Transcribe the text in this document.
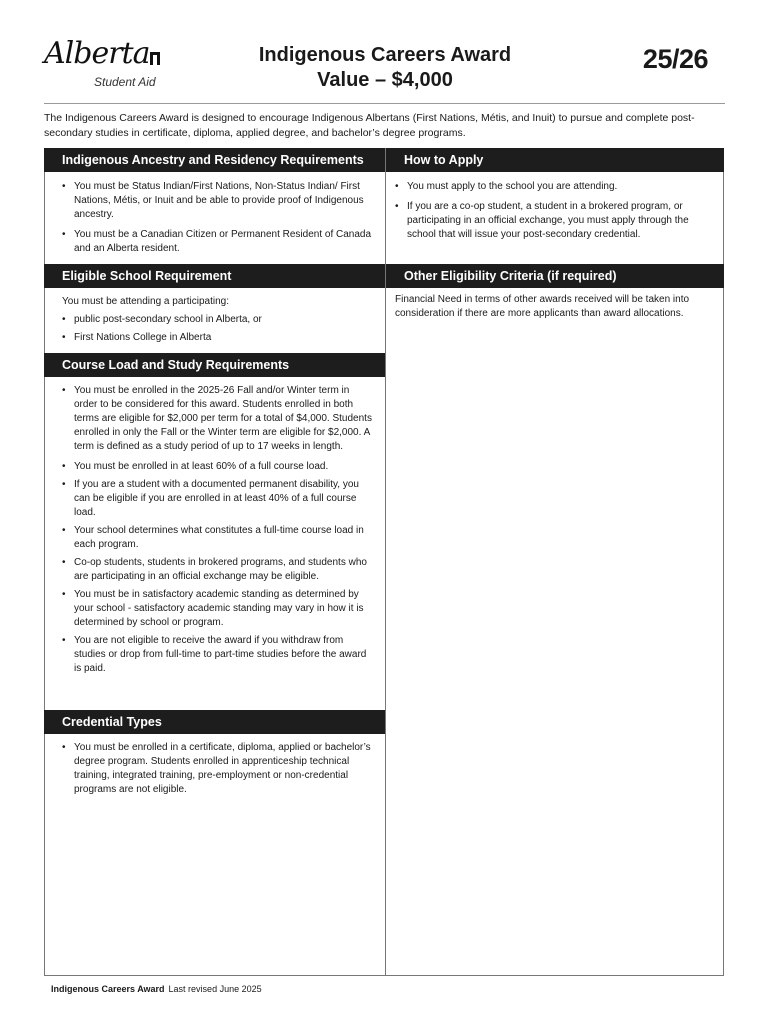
Alberta
Student Aid
Indigenous Careers Award
Value – $4,000
25/26
The Indigenous Careers Award is designed to encourage Indigenous Albertans (First Nations, Métis, and Inuit) to pursue and complete post-secondary studies in certificate, diploma, applied degree, and bachelor’s degree programs.
Indigenous Ancestry and Residency Requirements
• You must be Status Indian/First Nations, Non-Status Indian/ First Nations, Métis, or Inuit and be able to provide proof of Indigenous ancestry.
• You must be a Canadian Citizen or Permanent Resident of Canada and an Alberta resident.
Eligible School Requirement
You must be attending a participating:
• public post-secondary school in Alberta, or
• First Nations College in Alberta
Course Load and Study Requirements
• You must be enrolled in the 2025-26 Fall and/or Winter term in order to be considered for this award. Students enrolled in both terms are eligible for $2,000 per term for a total of $4,000. Students enrolled in only the Fall or the Winter term are eligible for $2,000. A term is defined as a study period of up to 17 weeks in length.
• You must be enrolled in at least 60% of a full course load.
• If you are a student with a documented permanent disability, you can be eligible if you are enrolled in at least 40% of a full course load.
• Your school determines what constitutes a full-time course load in each program.
• Co-op students, students in brokered programs, and students who are participating in an official exchange may be eligible.
• You must be in satisfactory academic standing as determined by your school - satisfactory academic standing may vary in how it is determined by school or program.
• You are not eligible to receive the award if you withdraw from studies or drop from full-time to part-time studies before the award is paid.
Credential Types
• You must be enrolled in a certificate, diploma, applied or bachelor’s degree program. Students enrolled in apprenticeship technical training, integrated training, pre-employment or non-credential programs are not eligible.
How to Apply
• You must apply to the school you are attending.
• If you are a co-op student, a student in a brokered program, or participating in an official exchange, you must apply through the school that will issue your post-secondary credential.
Other Eligibility Criteria (if required)
Financial Need in terms of other awards received will be taken into consideration if there are more applicants than award allocations.
Indigenous Careers Award Last revised June 2025
